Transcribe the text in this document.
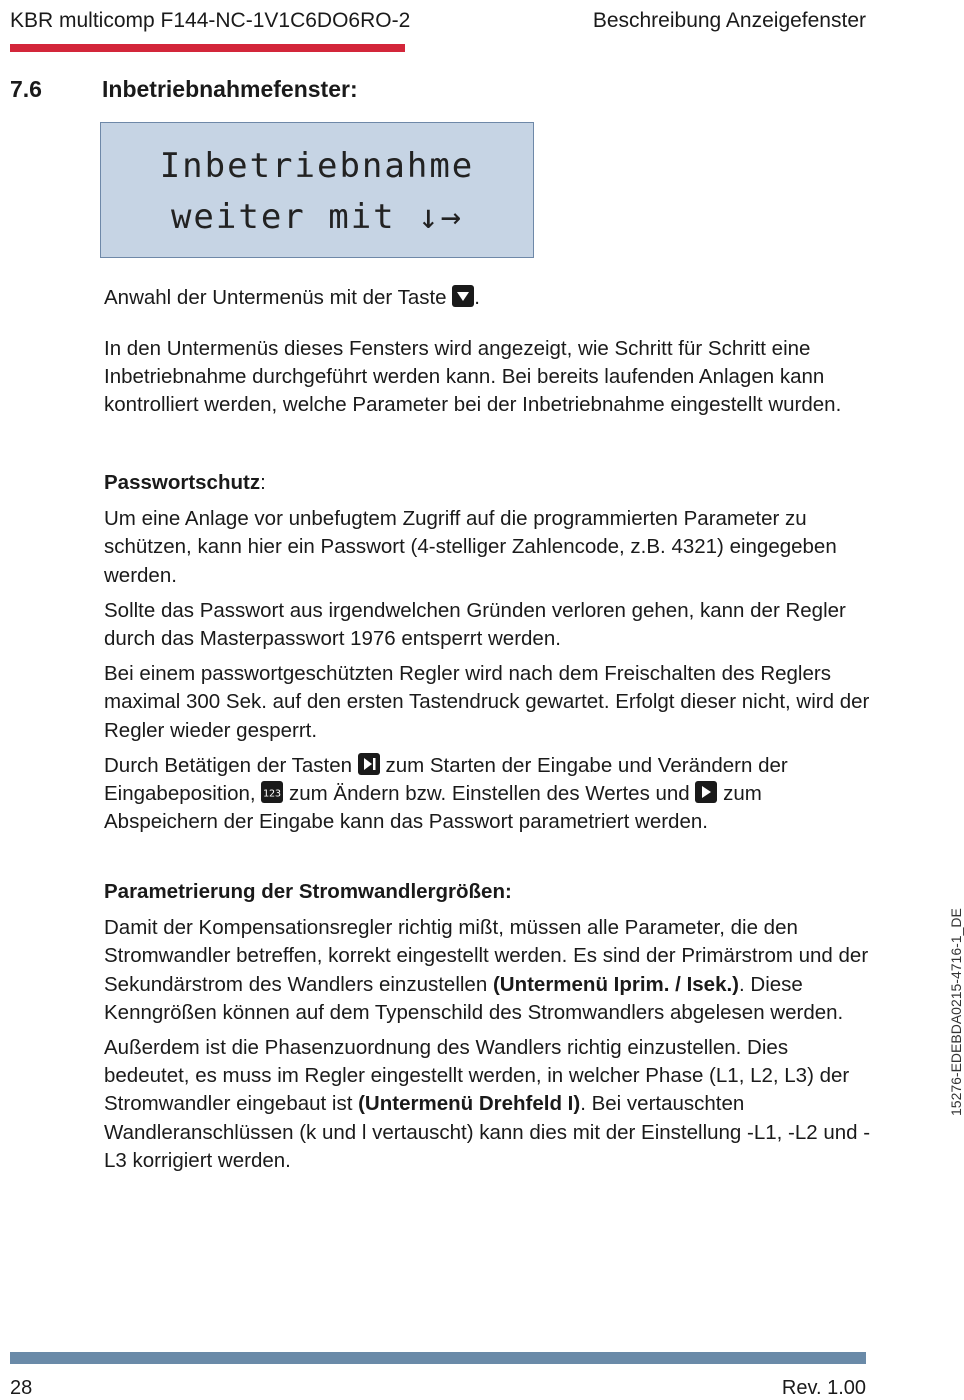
KBR multicomp F144-NC-1V1C6DO6RO-2	Beschreibung Anzeigefenster
7.6	Inbetriebnahmefenster:
Inbetriebnahme
weiter mit ↓→

Anwahl der Untermenüs mit der Taste
.

In den Untermenüs dieses Fensters wird angezeigt, wie Schritt für Schritt eine Inbetriebnahme durchgeführt werden kann. Bei bereits laufenden Anlagen kann kontrolliert werden, welche Parameter bei der Inbetriebnahme eingestellt wurden.

Passwortschutz:

Um eine Anlage vor unbefugtem Zugriff auf die programmierten Parameter zu schützen, kann hier ein Passwort (4-stelliger Zahlencode, z.B. 4321) eingegeben werden.

Sollte das Passwort aus irgendwelchen Gründen verloren gehen, kann der Regler durch das Masterpasswort 1976 entsperrt werden.

Bei einem passwortgeschützten Regler wird nach dem Freischalten des Reglers maximal 300 Sek. auf den ersten Tastendruck gewartet. Erfolgt dieser nicht, wird der Regler wieder gesperrt.

Durch Betätigen der Tasten
zum Starten der Eingabe und Verändern der Eingabeposition, 123 zum Ändern bzw. Einstellen des Wertes und
zum Abspeichern der Eingabe kann das Passwort parametriert werden.

Parametrierung der Stromwandlergrößen:

Damit der Kompensationsregler richtig mißt, müssen alle Parameter, die den Stromwandler betreffen, korrekt eingestellt werden. Es sind der Primärstrom und der Sekundärstrom des Wandlers einzustellen (Untermenü Iprim. / Isek.). Diese Kenngrößen können auf dem Typenschild des Stromwandlers abgelesen werden.

Außerdem ist die Phasenzuordnung des Wandlers richtig einzustellen. Dies bedeutet, es muss im Regler eingestellt werden, in welcher Phase (L1, L2, L3) der Stromwandler eingebaut ist (Untermenü Drehfeld I). Bei vertauschten Wandleranschlüssen (k und l vertauscht) kann dies mit der Einstellung -L1, -L2 und -L3 korrigiert werden.

15276-EDEBDA0215-4716-1_DE
28	Rev. 1.00
